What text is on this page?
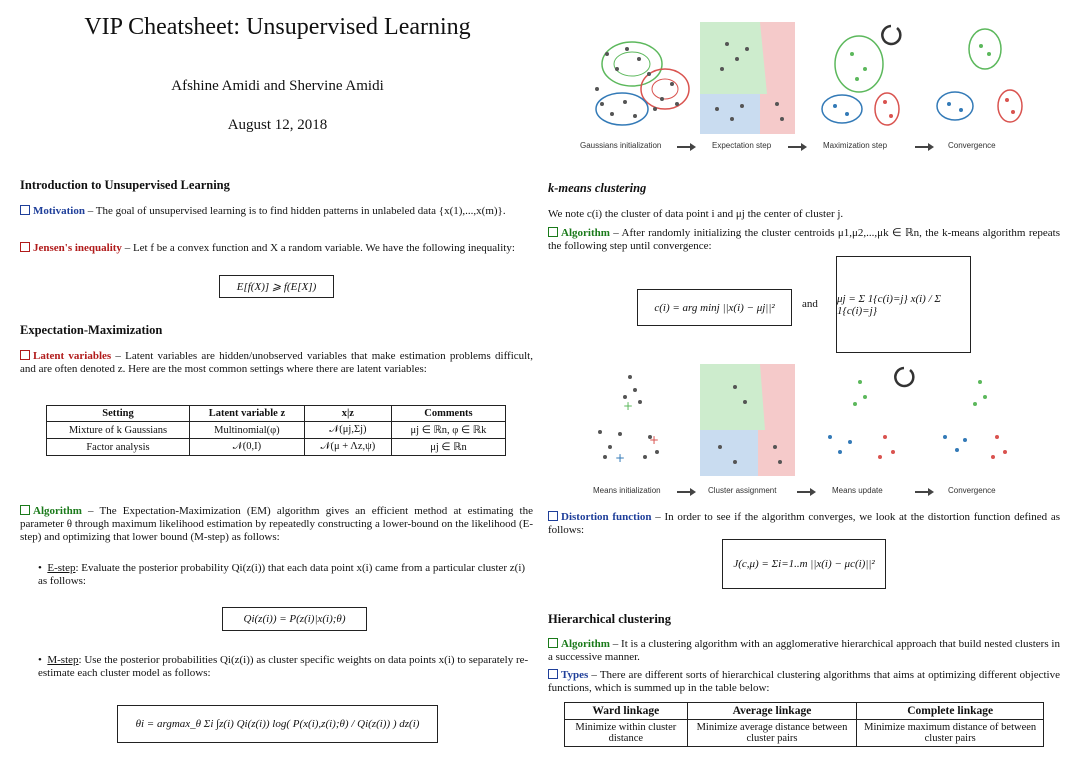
VIP Cheatsheet: Unsupervised Learning
Afshine Amidi and Shervine Amidi
August 12, 2018
Introduction to Unsupervised Learning

Motivation – The goal of unsupervised learning is to find hidden patterns in unlabeled data {x(1),...,x(m)}.

Jensen's inequality – Let f be a convex function and X a random variable. We have the following inequality:

E[f(X)] ⩾ f(E[X])
Expectation-Maximization

Latent variables – Latent variables are hidden/unobserved variables that make estimation problems difficult, and are often denoted z. Here are the most common settings where there are latent variables:

Setting	Latent variable z	x|z	Comments
Mixture of k Gaussians	Multinomial(φ)	𝒩(μj,Σj)	μj ∈ ℝn, φ ∈ ℝk
Factor analysis	𝒩(0,I)	𝒩(μ + Λz,ψ)	μj ∈ ℝn

Algorithm – The Expectation-Maximization (EM) algorithm gives an efficient method at estimating the parameter θ through maximum likelihood estimation by repeatedly constructing a lower-bound on the likelihood (E-step) and optimizing that lower bound (M-step) as follows:

•  E-step: Evaluate the posterior probability Qi(z(i)) that each data point x(i) came from a particular cluster z(i) as follows:
Qi(z(i)) = P(z(i)|x(i);θ)
•  M-step: Use the posterior probabilities Qi(z(i)) as cluster specific weights on data points x(i) to separately re-estimate each cluster model as follows:
θi = argmax_θ Σi ∫z(i) Qi(z(i)) log( P(x(i),z(i);θ) / Qi(z(i)) ) dz(i)
Gaussians initialization	Expectation step	Maximization step	Convergence
k-means clustering

We note c(i) the cluster of data point i and μj the center of cluster j.

Algorithm – After randomly initializing the cluster centroids μ1,μ2,...,μk ∈ ℝn, the k-means algorithm repeats the following step until convergence:

c(i) = arg minj ||x(i) − μj||²	and μj = Σ 1{c(i)=j} x(i) / Σ 1{c(i)=j}
+
+
+
Means initialization	Cluster assignment	Means update	Convergence

Distortion function – In order to see if the algorithm converges, we look at the distortion function defined as follows:

J(c,μ) = Σi=1..m ||x(i) − μc(i)||²
Hierarchical clustering

Algorithm – It is a clustering algorithm with an agglomerative hierarchical approach that build nested clusters in a successive manner.

Types – There are different sorts of hierarchical clustering algorithms that aims at optimizing different objective functions, which is summed up in the table below:

Ward linkage	Average linkage	Complete linkage
Minimize within cluster distance	Minimize average distance between cluster pairs	Minimize maximum distance of between cluster pairs
